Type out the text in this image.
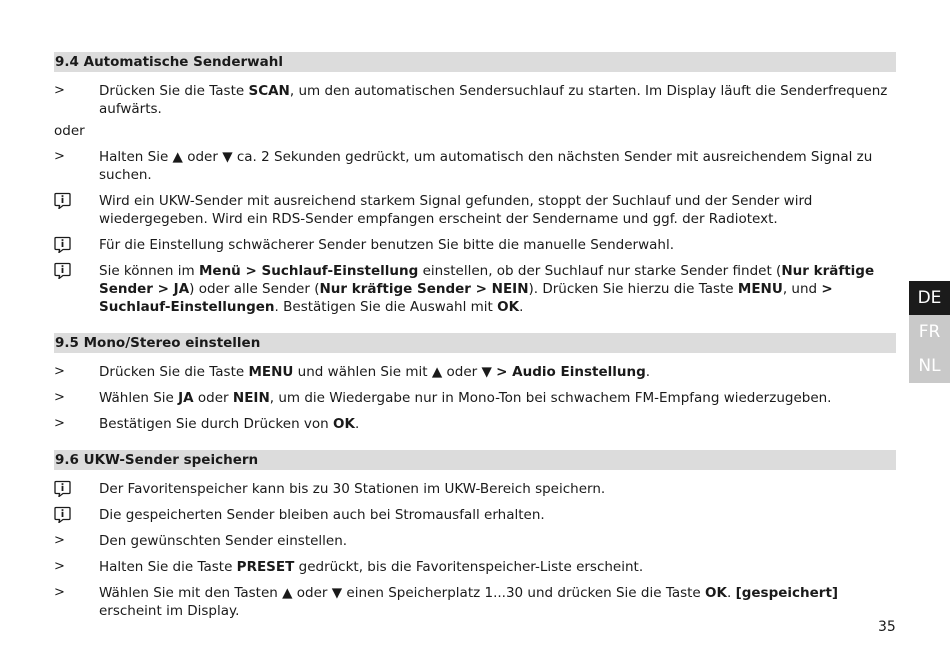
9.4 Automatische Senderwahl
>	Drücken Sie die Taste SCAN, um den automatischen Sendersuchlauf zu starten. Im Display läuft die Senderfrequenz aufwärts.
oder
>	Halten Sie ▲ oder ▼ ca. 2 Sekunden gedrückt, um automatisch den nächsten Sender mit ausreichendem Signal zu suchen.
Wird ein UKW-Sender mit ausreichend starkem Signal gefunden, stoppt der Suchlauf und der Sender wird wiedergegeben. Wird ein RDS-Sender empfangen erscheint der Sendername und ggf. der Radiotext.
Für die Einstellung schwächerer Sender benutzen Sie bitte die manuelle Senderwahl.
Sie können im Menü > Suchlauf-Einstellung einstellen, ob der Suchlauf nur starke Sender findet (Nur kräftige Sender > JA) oder alle Sender (Nur kräftige Sender > NEIN). Drücken Sie hierzu die Taste MENU, und > Suchlauf-Einstellungen. Bestätigen Sie die Auswahl mit OK.
9.5 Mono/Stereo einstellen
>	Drücken Sie die Taste MENU und wählen Sie mit ▲ oder ▼ > Audio Einstellung.
>	Wählen Sie JA oder NEIN, um die Wiedergabe nur in Mono-Ton bei schwachem FM-Empfang wiederzugeben.
>	Bestätigen Sie durch Drücken von OK.
9.6 UKW-Sender speichern
Der Favoritenspeicher kann bis zu 30 Stationen im UKW-Bereich speichern.
Die gespeicherten Sender bleiben auch bei Stromausfall erhalten.
>	Den gewünschten Sender einstellen.
>	Halten Sie die Taste PRESET gedrückt, bis die Favoritenspeicher-Liste erscheint.
>	Wählen Sie mit den Tasten ▲ oder ▼ einen Speicherplatz 1...30 und drücken Sie die Taste OK. [gespeichert] erscheint im Display.
DE
FR
NL
35
